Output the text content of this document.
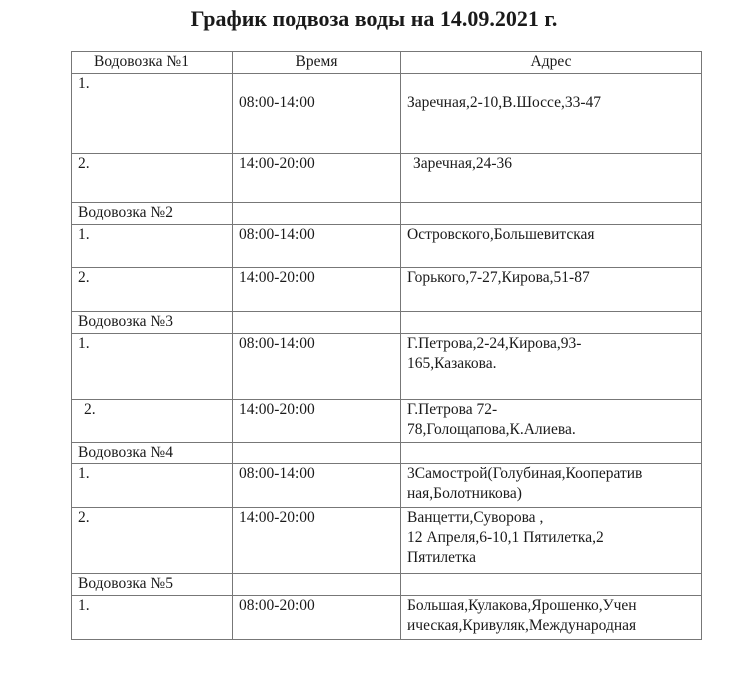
График подвоза воды на 14.09.2021 г.
Водовозка №1	Время	Адрес
1.	08:00-14:00	Заречная,2-10,В.Шоссе,33-47
2.	14:00-20:00	Заречная,24-36
Водовозка №2		
1.	08:00-14:00	Островского,Большевитская
2.	14:00-20:00	Горького,7-27,Кирова,51-87
Водовозка №3		
1.	08:00-14:00	Г.Петрова,2-24,Кирова,93-
165,Казакова.

2.	14:00-20:00	Г.Петрова 72-
78,Голощапова,К.Алиева.

Водовозка №4		
1.	08:00-14:00	3Самострой(Голубиная,Кооператив
ная,Болотникова)

2.	14:00-20:00	Ванцетти,Суворова ,
12 Апреля,6-10,1 Пятилетка,2
Пятилетка

Водовозка №5		
1.	08:00-20:00	Большая,Кулакова,Ярошенко,Учен
ическая,Кривуляк,Международная
